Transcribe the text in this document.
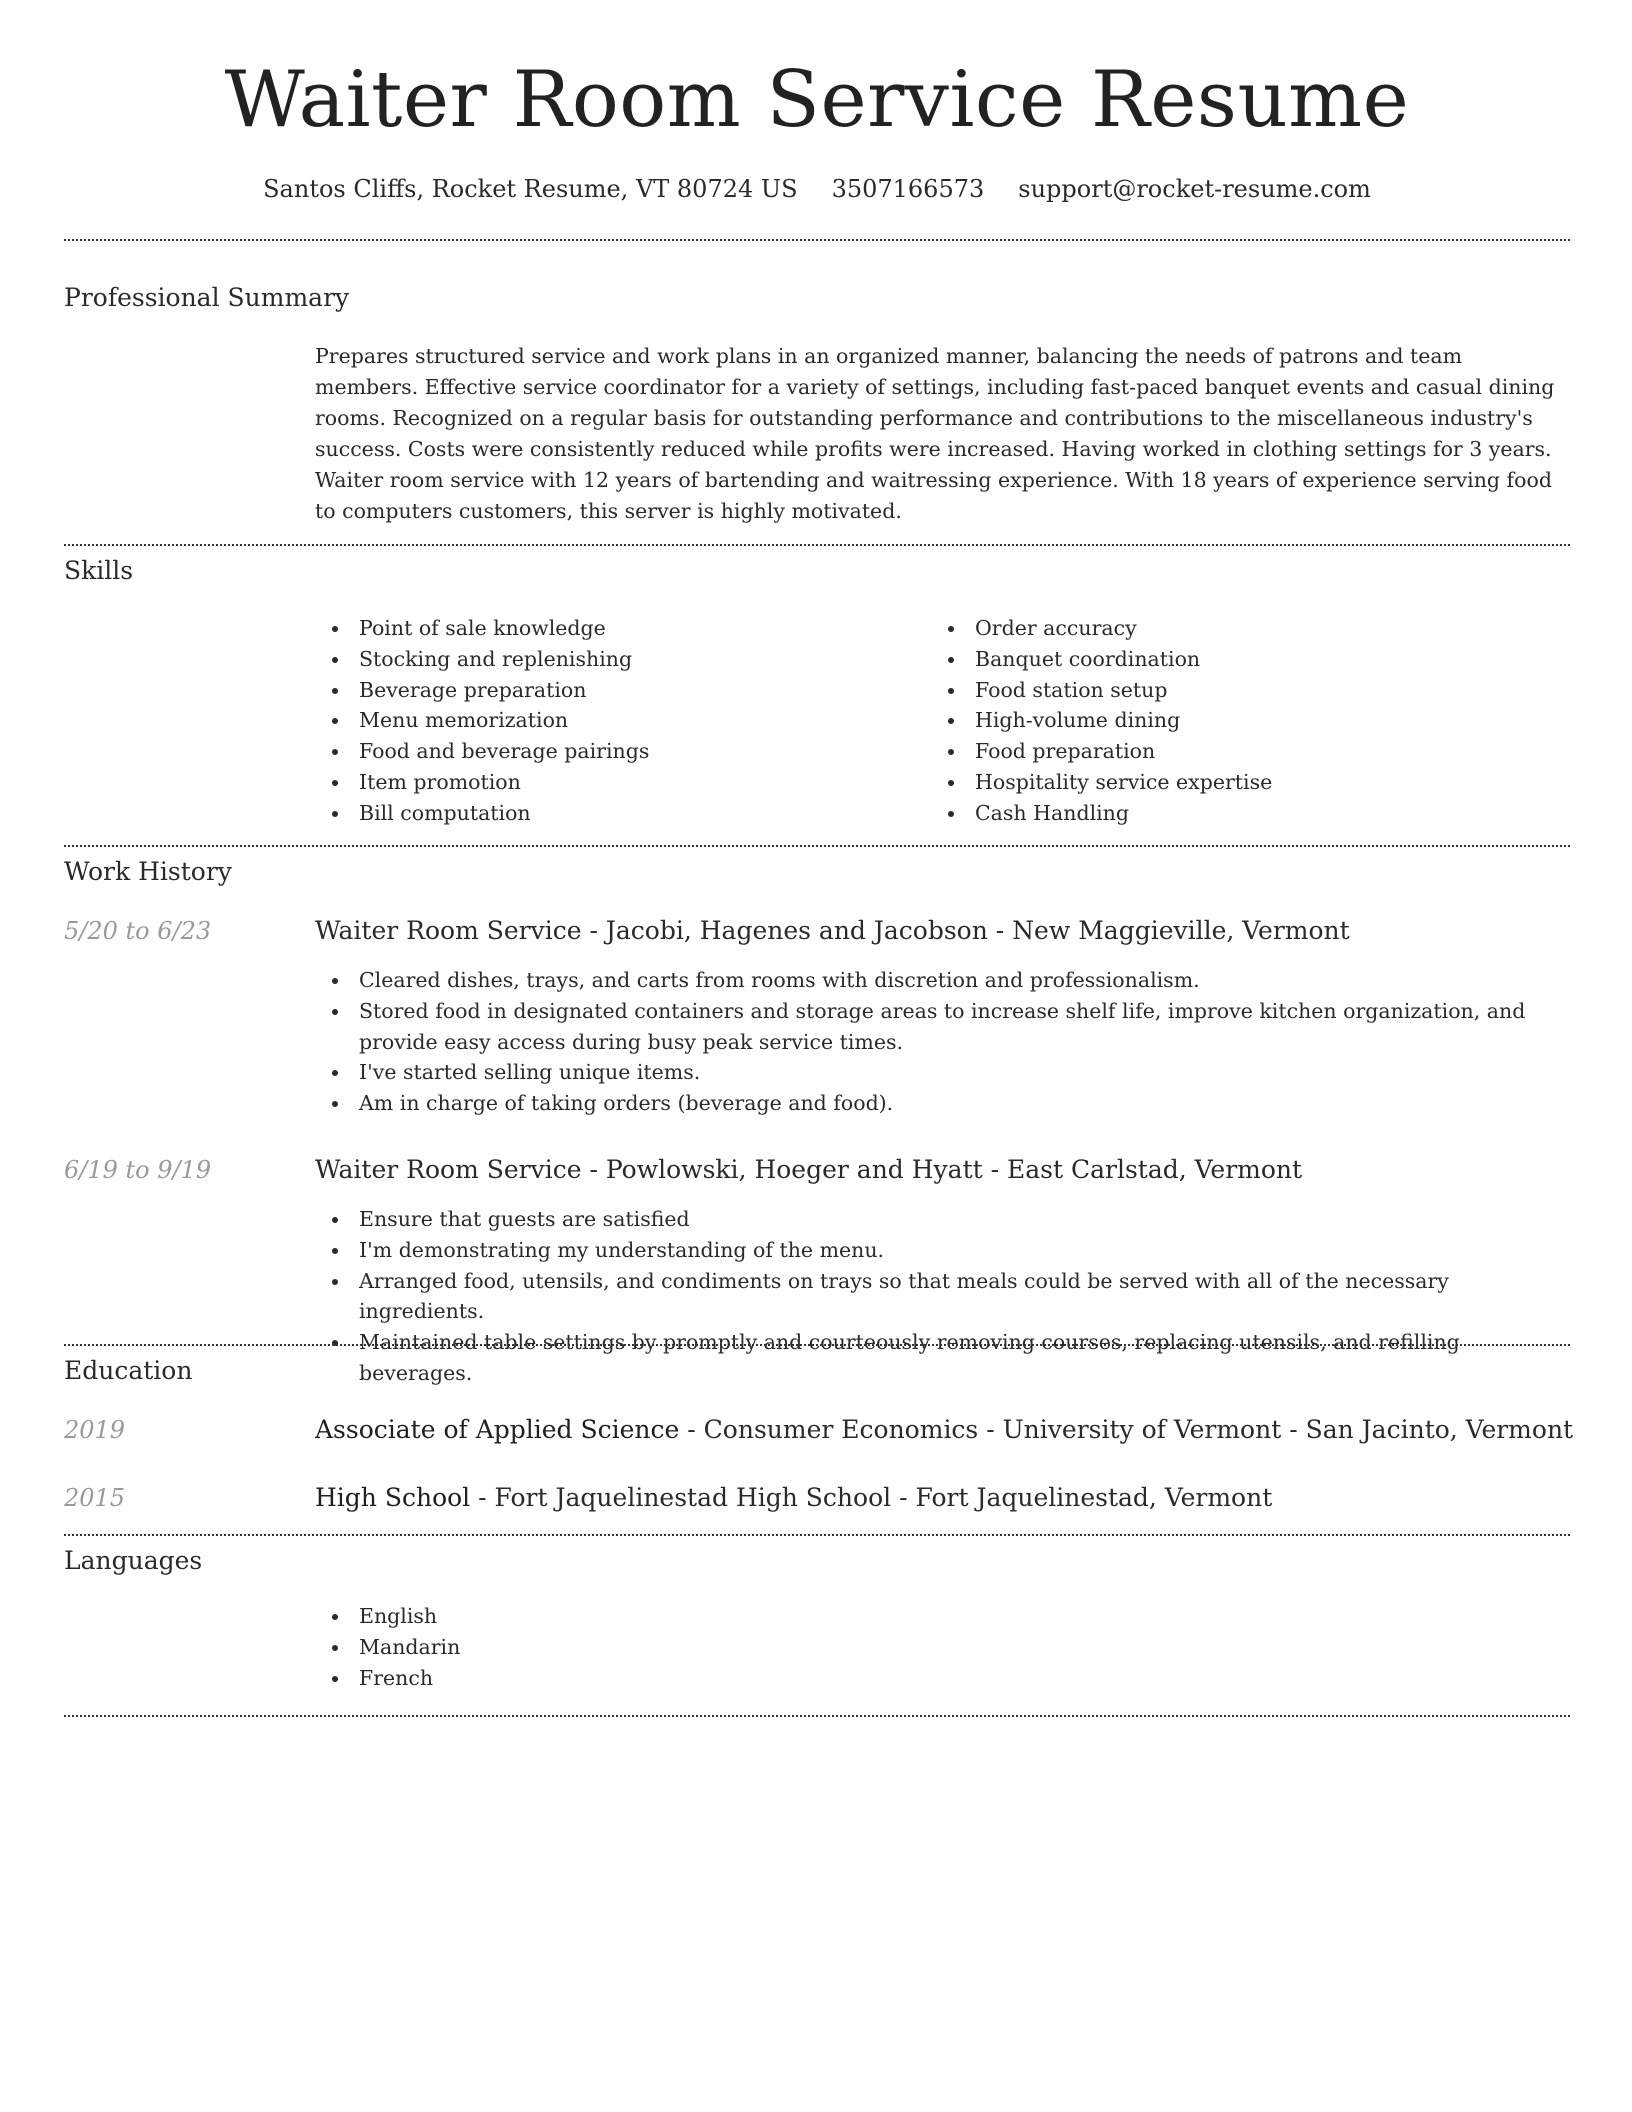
Waiter Room Service Resume
Santos Cliffs, Rocket Resume, VT 80724 US 3507166573 support@rocket-resume.com
Professional Summary
Prepares structured service and work plans in an organized manner, balancing the needs of patrons and team members. Effective service coordinator for a variety of settings, including fast-paced banquet events and casual dining rooms. Recognized on a regular basis for outstanding performance and contributions to the miscellaneous industry's success. Costs were consistently reduced while profits were increased. Having worked in clothing settings for 3 years. Waiter room service with 12 years of bartending and waitressing experience. With 18 years of experience serving food to computers customers, this server is highly motivated.
Skills
Point of sale knowledge
Stocking and replenishing
Beverage preparation
Menu memorization
Food and beverage pairings
Item promotion
Bill computation
Order accuracy
Banquet coordination
Food station setup
High-volume dining
Food preparation
Hospitality service expertise
Cash Handling
Work History
5/20 to 6/23	Waiter Room Service - Jacobi, Hagenes and Jacobson - New Maggieville, Vermont
Cleared dishes, trays, and carts from rooms with discretion and professionalism.
Stored food in designated containers and storage areas to increase shelf life, improve kitchen organization, and provide easy access during busy peak service times.
I've started selling unique items.
Am in charge of taking orders (beverage and food).
6/19 to 9/19	Waiter Room Service - Powlowski, Hoeger and Hyatt - East Carlstad, Vermont
Ensure that guests are satisfied
I'm demonstrating my understanding of the menu.
Arranged food, utensils, and condiments on trays so that meals could be served with all of the necessary ingredients.
Maintained table settings by promptly and courteously removing courses, replacing utensils, and refilling beverages.
Education
2019	Associate of Applied Science - Consumer Economics - University of Vermont - San Jacinto, Vermont
2015	High School - Fort Jaquelinestad High School - Fort Jaquelinestad, Vermont
Languages
English
Mandarin
French
